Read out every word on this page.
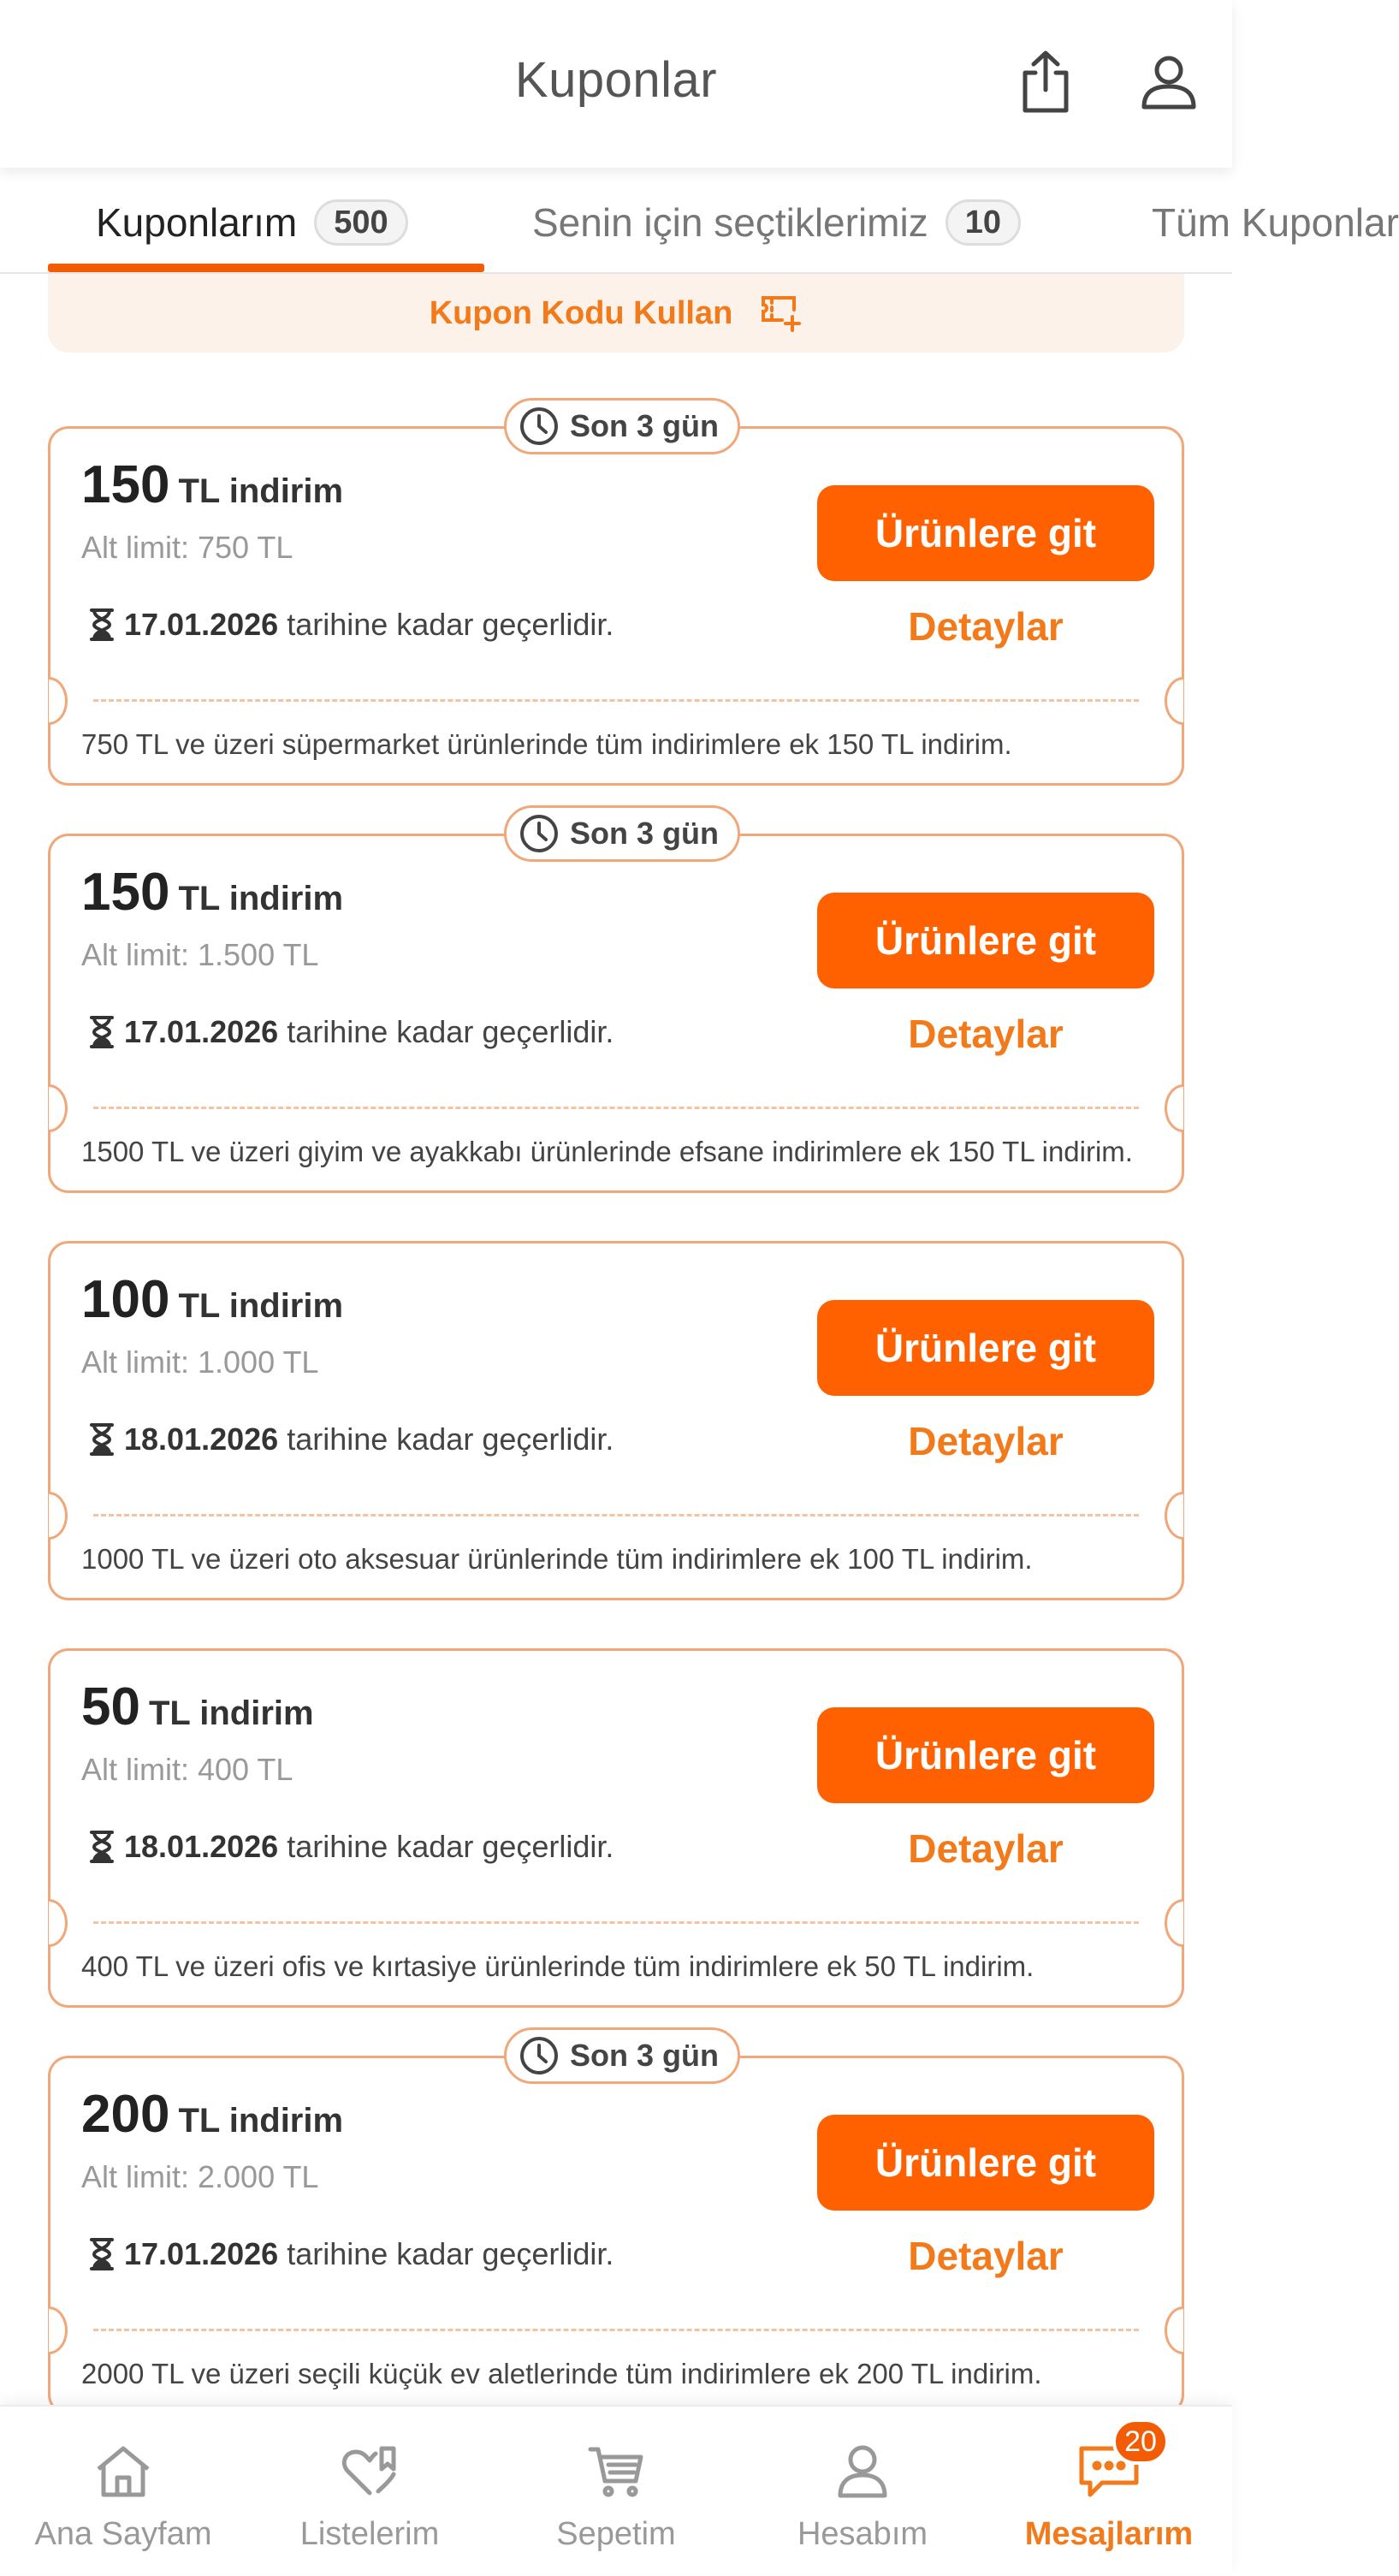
Kuponlar
Kuponlarım	500	Senin için seçtiklerimiz	10	Tüm Kuponlar
Kupon Kodu Kullan
Son 3 gün
150 TL indirim
Alt limit: 750 TL
17.01.2026 tarihine kadar geçerlidir.
Ürünlere git
Detaylar
750 TL ve üzeri süpermarket ürünlerinde tüm indirimlere ek 150 TL indirim.
Son 3 gün
150 TL indirim
Alt limit: 1.500 TL
17.01.2026 tarihine kadar geçerlidir.
Ürünlere git
Detaylar
1500 TL ve üzeri giyim ve ayakkabı ürünlerinde efsane indirimlere ek 150 TL indirim.
100 TL indirim
Alt limit: 1.000 TL
18.01.2026 tarihine kadar geçerlidir.
Ürünlere git
Detaylar
1000 TL ve üzeri oto aksesuar ürünlerinde tüm indirimlere ek 100 TL indirim.
50 TL indirim
Alt limit: 400 TL
18.01.2026 tarihine kadar geçerlidir.
Ürünlere git
Detaylar
400 TL ve üzeri ofis ve kırtasiye ürünlerinde tüm indirimlere ek 50 TL indirim.
Son 3 gün
200 TL indirim
Alt limit: 2.000 TL
17.01.2026 tarihine kadar geçerlidir.
Ürünlere git
Detaylar
2000 TL ve üzeri seçili küçük ev aletlerinde tüm indirimlere ek 200 TL indirim.
Ana Sayfam	Listelerim	Sepetim	Hesabım
20
Mesajlarım
